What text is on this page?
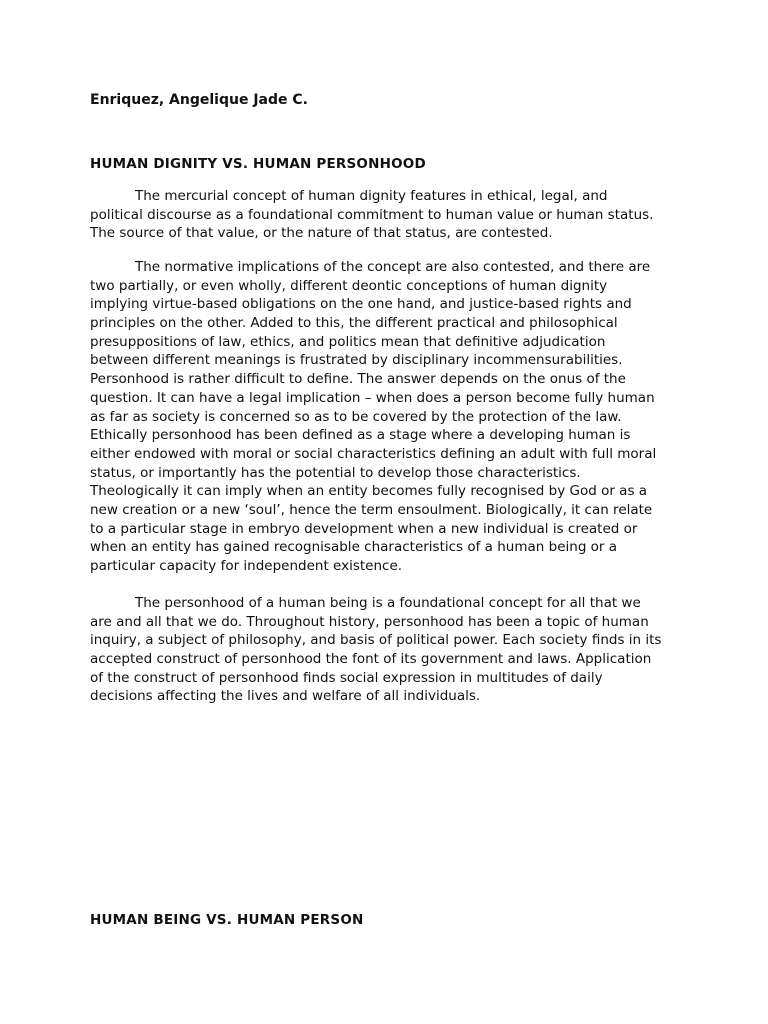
Enriquez, Angelique Jade C.
HUMAN DIGNITY VS. HUMAN PERSONHOOD
The mercurial concept of human dignity features in ethical, legal, and
political discourse as a foundational commitment to human value or human status.
The source of that value, or the nature of that status, are contested.
The normative implications of the concept are also contested, and there are
two partially, or even wholly, different deontic conceptions of human dignity
implying virtue-based obligations on the one hand, and justice-based rights and
principles on the other. Added to this, the different practical and philosophical
presuppositions of law, ethics, and politics mean that definitive adjudication
between different meanings is frustrated by disciplinary incommensurabilities.
Personhood is rather difficult to define. The answer depends on the onus of the
question. It can have a legal implication – when does a person become fully human
as far as society is concerned so as to be covered by the protection of the law.
Ethically personhood has been defined as a stage where a developing human is
either endowed with moral or social characteristics defining an adult with full moral
status, or importantly has the potential to develop those characteristics.
Theologically it can imply when an entity becomes fully recognised by God or as a
new creation or a new ‘soul’, hence the term ensoulment. Biologically, it can relate
to a particular stage in embryo development when a new individual is created or
when an entity has gained recognisable characteristics of a human being or a
particular capacity for independent existence.
The personhood of a human being is a foundational concept for all that we
are and all that we do. Throughout history, personhood has been a topic of human
inquiry, a subject of philosophy, and basis of political power. Each society finds in its
accepted construct of personhood the font of its government and laws. Application
of the construct of personhood finds social expression in multitudes of daily
decisions affecting the lives and welfare of all individuals.
HUMAN BEING VS. HUMAN PERSON
